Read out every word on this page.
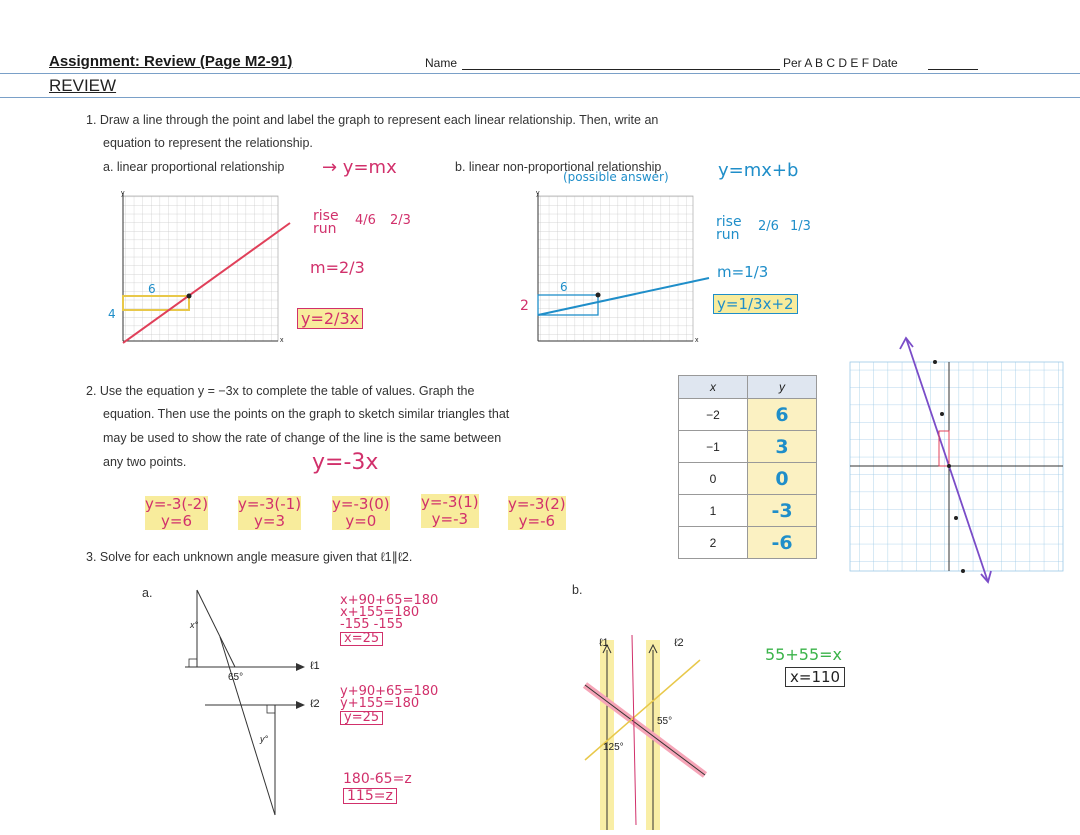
Assignment: Review (Page M2-91)	Name	Per A B C D E F Date
REVIEW
1. Draw a line through the point and label the graph to represent each linear relationship. Then, write an
equation to represent the relationship.
a. linear proportional relationship → y=mx	b. linear non-proportional relationship
(possible answer)	y=mx+b
y
x
6
4
rise
run
4/6 2/3
m=2/3
y=2/3x
y
x
6
2
rise
run
2/6 1/3
m=1/3
y=1/3x+2
2. Use the equation y = −3x to complete the table of values. Graph the
equation. Then use the points on the graph to sketch similar triangles that
may be used to show the rate of change of the line is the same between
any two points.	y=-3x
y=-3(-2)
y=6
y=-3(-1)
y=3
y=-3(0)
y=0
y=-3(1)
y=-3
y=-3(2)
y=-6
x	y
−2	6
−1	3
0	0
1	-3
2	-6
3. Solve for each unknown angle measure given that ℓ1∥ℓ2.
a.	b.
x°
y°
65°
ℓ1
ℓ2
x+90+65=180
x+155=180
-155 -155
x=25
y+90+65=180
y+155=180
y=25
180-65=z
115=z
125°
55°
ℓ1	ℓ2
55+55=x
x=110
